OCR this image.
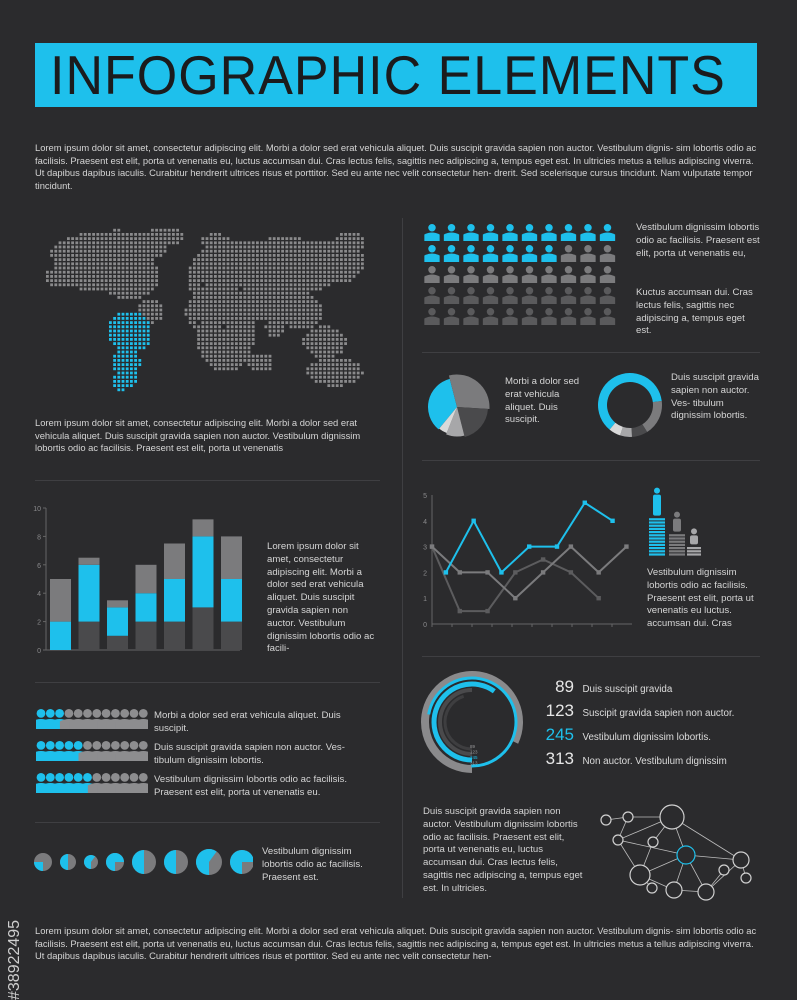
INFOGRAPHIC ELEMENTS
Lorem ipsum dolor sit amet, consectetur adipiscing elit. Morbi a dolor sed erat vehicula aliquet. Duis suscipit gravida sapien non auctor. Vestibulum dignis- sim lobortis odio ac facilisis. Praesent est elit, porta ut venenatis eu, luctus accumsan dui. Cras lectus felis, sagittis nec adipiscing a, tempus eget est. In ultricies metus a tellus adipiscing viverra. Ut dapibus dapibus iaculis. Curabitur hendrerit ultrices risus et porttitor. Sed eu ante nec velit consectetur hen- drerit. Sed scelerisque cursus tincidunt. Nam vulputate tempor tincidunt.
Lorem ipsum dolor sit amet, consectetur adipiscing elit. Morbi a dolor sed erat vehicula aliquet. Duis suscipit gravida sapien non auctor. Vestibulum dignissim lobortis odio ac facilisis. Praesent est elit, porta ut venenatis
Vestibulum dignissim lobortis odio ac facilisis. Praesent est elit, porta ut venenatis eu,
Kuctus accumsan dui. Cras lectus felis, sagittis nec adipiscing a, tempus eget est.
Morbi a dolor sed erat vehicula aliquet. Duis suscipit.
Duis suscipit gravida sapien non auctor. Ves- tibulum dignissim lobortis.
0
2
4
6
8
10
Lorem ipsum dolor sit amet, consectetur adipiscing elit. Morbi a dolor sed erat vehicula aliquet. Duis suscipit gravida sapien non auctor. Vestibulum dignissim lobortis odio ac facili-
0
1
2
3
4
5
Vestibulum dignissim lobortis odio ac facilisis. Praesent est elit, porta ut venenatis eu luctus. accumsan dui. Cras
Morbi a dolor sed erat vehicula aliquet. Duis suscipit.
Duis suscipit gravida sapien non auctor. Ves- tibulum dignissim lobortis.
Vestibulum dignissim lobortis odio ac facilisis. Praesent est elit, porta ut venenatis eu.
Vestibulum dignissim lobortis odio ac facilisis. Praesent est.
89
123
245
313
89 Duis suscipit gravida
123 Suscipit gravida sapien non auctor.
245 Vestibulum dignissim lobortis.
313 Non auctor. Vestibulum dignissim
Duis suscipit gravida sapien non auctor. Vestibulum dignissim lobortis odio ac facilisis. Praesent est elit, porta ut venenatis eu, luctus accumsan dui. Cras lectus felis, sagittis nec adipiscing a, tempus eget est. In ultricies.
Lorem ipsum dolor sit amet, consectetur adipiscing elit. Morbi a dolor sed erat vehicula aliquet. Duis suscipit gravida sapien non auctor. Vestibulum dignis- sim lobortis odio ac facilisis. Praesent est elit, porta ut venenatis eu, luctus accumsan dui. Cras lectus felis, sagittis nec adipiscing a, tempus eget est. In ultricies metus a tellus adipiscing viverra. Ut dapibus dapibus iaculis. Curabitur hendrerit ultrices risus et porttitor. Sed eu ante nec velit consectetur hen-
#38922495
